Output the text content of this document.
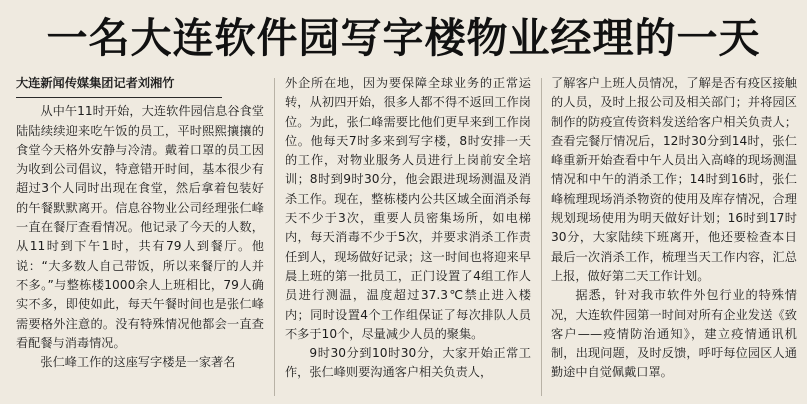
一名大连软件园写字楼物业经理的一天
大连新闻传媒集团记者刘湘竹

从中午11时开始，大连软件园信息谷食堂陆陆续续迎来吃午饭的员工，平时熙熙攘攘的食堂今天格外安静与冷清。戴着口罩的员工因为收到公司倡议，特意错开时间，基本很少有超过3个人同时出现在食堂，然后拿着包装好的午餐默默离开。信息谷物业公司经理张仁峰一直在餐厅查看情况。他记录了今天的人数，从11时到下午1时，共有79人到餐厅。他说：“大多数人自己带饭，所以来餐厅的人并不多。”与整栋楼1000余人上班相比，79人确实不多，即使如此，每天午餐时间也是张仁峰需要格外注意的。没有特殊情况他都会一直查看配餐与消毒情况。

张仁峰工作的这座写字楼是一家著名

外企所在地，因为要保障全球业务的正常运转，从初四开始，很多人都不得不返回工作岗位。为此，张仁峰需要比他们更早来到工作岗位。他每天7时多来到写字楼，8时安排一天的工作，对物业服务人员进行上岗前安全培训；8时到9时30分，他会跟进现场测温及消杀工作。现在，整栋楼内公共区域全面消杀每天不少于3次，重要人员密集场所，如电梯内，每天消毒不少于5次，并要求消杀工作责任到人，现场做好记录；这一时间也将迎来早晨上班的第一批员工，正门设置了4组工作人员进行测温，温度超过37.3℃禁止进入楼内；同时设置4个工作组保证了每次排队人员不多于10个，尽量减少人员的聚集。

9时30分到10时30分，大家开始正常工作，张仁峰则要沟通客户相关负责人，

了解客户上班人员情况，了解是否有疫区接触的人员，及时上报公司及相关部门；并将园区制作的防疫宣传资料发送给客户相关负责人；查看完餐厅情况后，12时30分到14时，张仁峰重新开始查看中午人员出入高峰的现场测温情况和中午的消杀工作；14时到16时，张仁峰梳理现场消杀物资的使用及库存情况，合理规划现场使用为明天做好计划；16时到17时30分，大家陆续下班离开，他还要检查本日最后一次消杀工作，梳理当天工作内容，汇总上报，做好第二天工作计划。

据悉，针对我市软件外包行业的特殊情况，大连软件园第一时间对所有企业发送《致客户——疫情防治通知》，建立疫情通讯机制，出现问题，及时反馈，呼吁每位园区人通勤途中自觉佩戴口罩。
